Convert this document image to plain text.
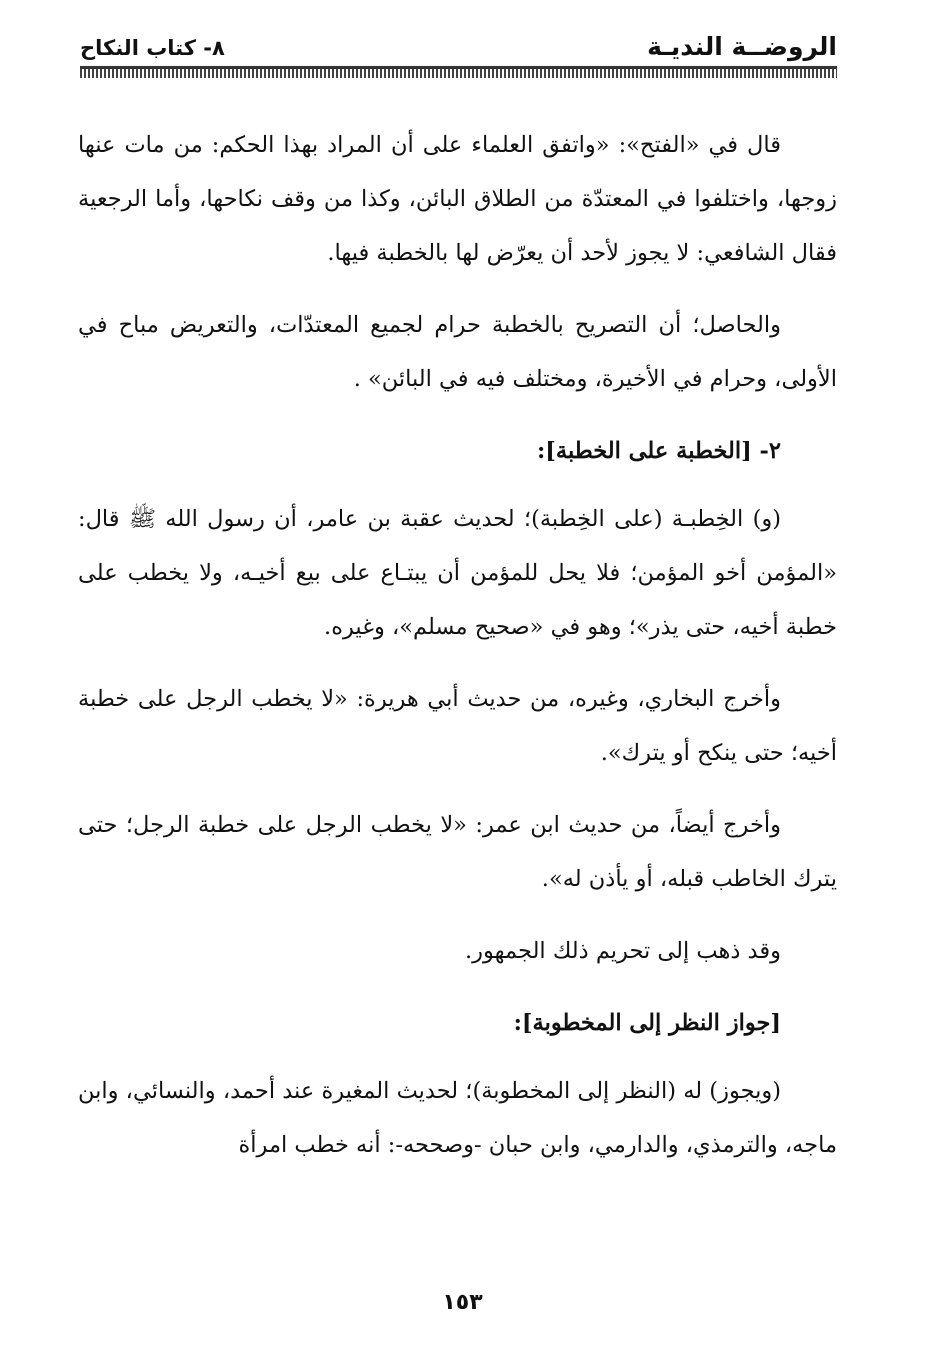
الروضــة النديـة
٨- كتاب النكاح

قال في «الفتح»: «واتفق العلماء على أن المراد بهذا الحكم: من مات عنها زوجها، واختلفوا في المعتدّة من الطلاق البائن، وكذا من وقف نكاحها، وأما الرجعية فقال الشافعي: لا يجوز لأحد أن يعرّض لها بالخطبة فيها.

والحاصل؛ أن التصريح بالخطبة حرام لجميع المعتدّات، والتعريض مباح في الأولى، وحرام في الأخيرة، ومختلف فيه في البائن» .

٢- [الخطبة على الخطبة]:

(و) الخِطبـة (على الخِطبة)؛ لحديث عقبة بن عامر، أن رسول الله ﷺ قال: «المؤمن أخو المؤمن؛ فلا يحل للمؤمن أن يبتـاع على بيع أخيـه، ولا يخطب على خطبة أخيه، حتى يذر»؛ وهو في «صحيح مسلم»، وغيره.

وأخرج البخاري، وغيره، من حديث أبي هريرة: «لا يخطب الرجل على خطبة أخيه؛ حتى ينكح أو يترك».

وأخرج أيضاً، من حديث ابن عمر: «لا يخطب الرجل على خطبة الرجل؛ حتى يترك الخاطب قبله، أو يأذن له».

وقد ذهب إلى تحريم ذلك الجمهور.

[جواز النظر إلى المخطوبة]:

(ويجوز) له (النظر إلى المخطوبة)؛ لحديث المغيرة عند أحمد، والنسائي، وابن ماجه، والترمذي، والدارمي، وابن حبان -وصححه-: أنه خطب امرأة

١٥٣
